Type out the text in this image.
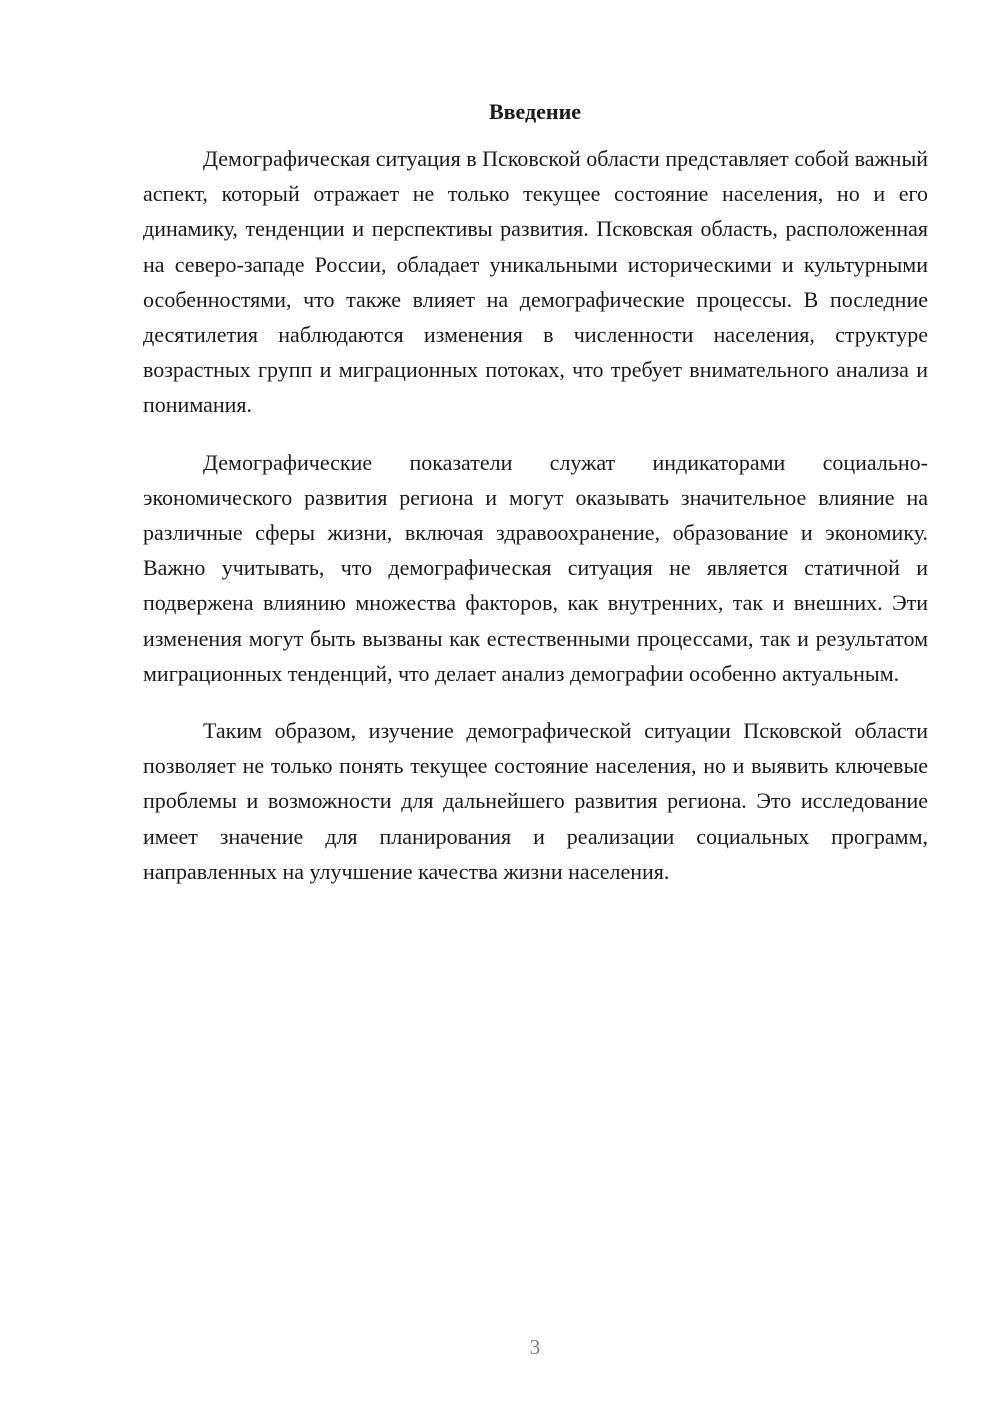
Введение

Демографическая ситуация в Псковской области представляет собой важный аспект, который отражает не только текущее состояние населения, но и его динамику, тенденции и перспективы развития. Псковская область, расположенная на северо-западе России, обладает уникальными историческими и культурными особенностями, что также влияет на демографические процессы. В последние десятилетия наблюдаются изменения в численности населения, структуре возрастных групп и миграционных потоках, что требует внимательного анализа и понимания.

Демографические показатели служат индикаторами социально-экономического развития региона и могут оказывать значительное влияние на различные сферы жизни, включая здравоохранение, образование и экономику. Важно учитывать, что демографическая ситуация не является статичной и подвержена влиянию множества факторов, как внутренних, так и внешних. Эти изменения могут быть вызваны как естественными процессами, так и результатом миграционных тенденций, что делает анализ демографии особенно актуальным.

Таким образом, изучение демографической ситуации Псковской области позволяет не только понять текущее состояние населения, но и выявить ключевые проблемы и возможности для дальнейшего развития региона. Это исследование имеет значение для планирования и реализации социальных программ, направленных на улучшение качества жизни населения.

3
